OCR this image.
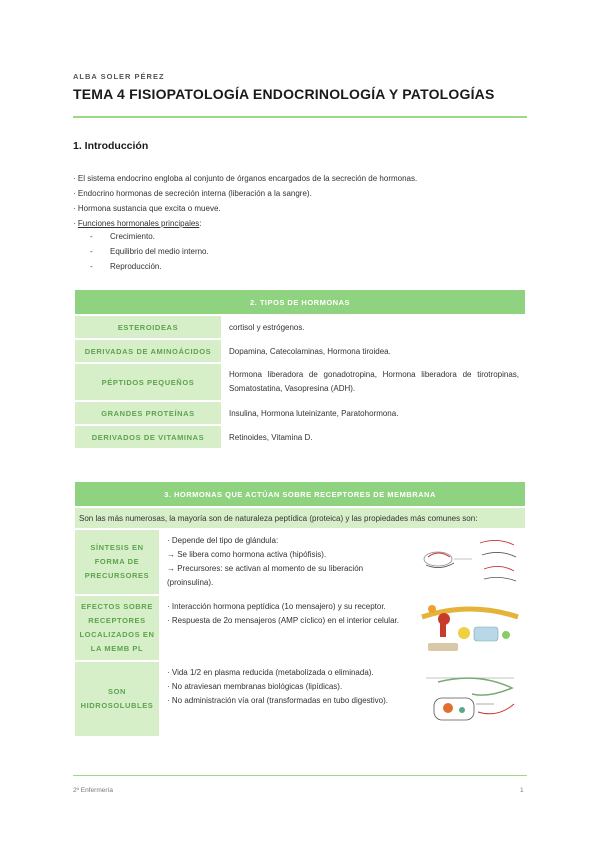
ALBA SOLER PÉREZ
TEMA 4 FISIOPATOLOGÍA ENDOCRINOLOGÍA Y PATOLOGÍAS
1. Introducción
· El sistema endocrino engloba al conjunto de órganos encargados de la secreción de hormonas.
· Endocrino hormonas de secreción interna (liberación a la sangre).
· Hormona sustancia que excita o mueve.
· Funciones hormonales principales:
-	Crecimiento.
-	Equilibrio del medio interno.
-	Reproducción.
2. TIPOS DE HORMONAS	
ESTEROIDEAS	cortisol y estrógenos.
DERIVADAS DE AMINOÁCIDOS	Dopamina, Catecolaminas, Hormona tiroidea.
PÉPTIDOS PEQUEÑOS	Hormona liberadora de gonadotropina, Hormona liberadora de tirotropinas, Somatostatina, Vasopresina (ADH).
GRANDES PROTEÍNAS	Insulina, Hormona luteinizante, Paratohormona.
DERIVADOS DE VITAMINAS	Retinoides, Vitamina D.
3. HORMONAS QUE ACTÚAN SOBRE RECEPTORES DE MEMBRANA		
Son las más numerosas, la mayoría son de naturaleza peptídica (proteica) y las propiedades más comunes son:		
SÍNTESIS EN FORMA DE PRECURSORES	· Depende del tipo de glándula:
→ Se libera como hormona activa (hipófisis).
→ Precursores: se activan al momento de su liberación (proinsulina).

EFECTOS SOBRE RECEPTORES LOCALIZADOS EN LA MEMB PL	· Interacción hormona peptídica (1o mensajero) y su receptor.
· Respuesta de 2o mensajeros (AMP cíclico) en el interior celular.

SON HIDROSOLUBLES	· Vida 1/2 en plasma reducida (metabolizada o eliminada).
· No atraviesan membranas biológicas (lipídicas).
· No administración vía oral (transformadas en tubo digestivo).

2º Enfermería	1
